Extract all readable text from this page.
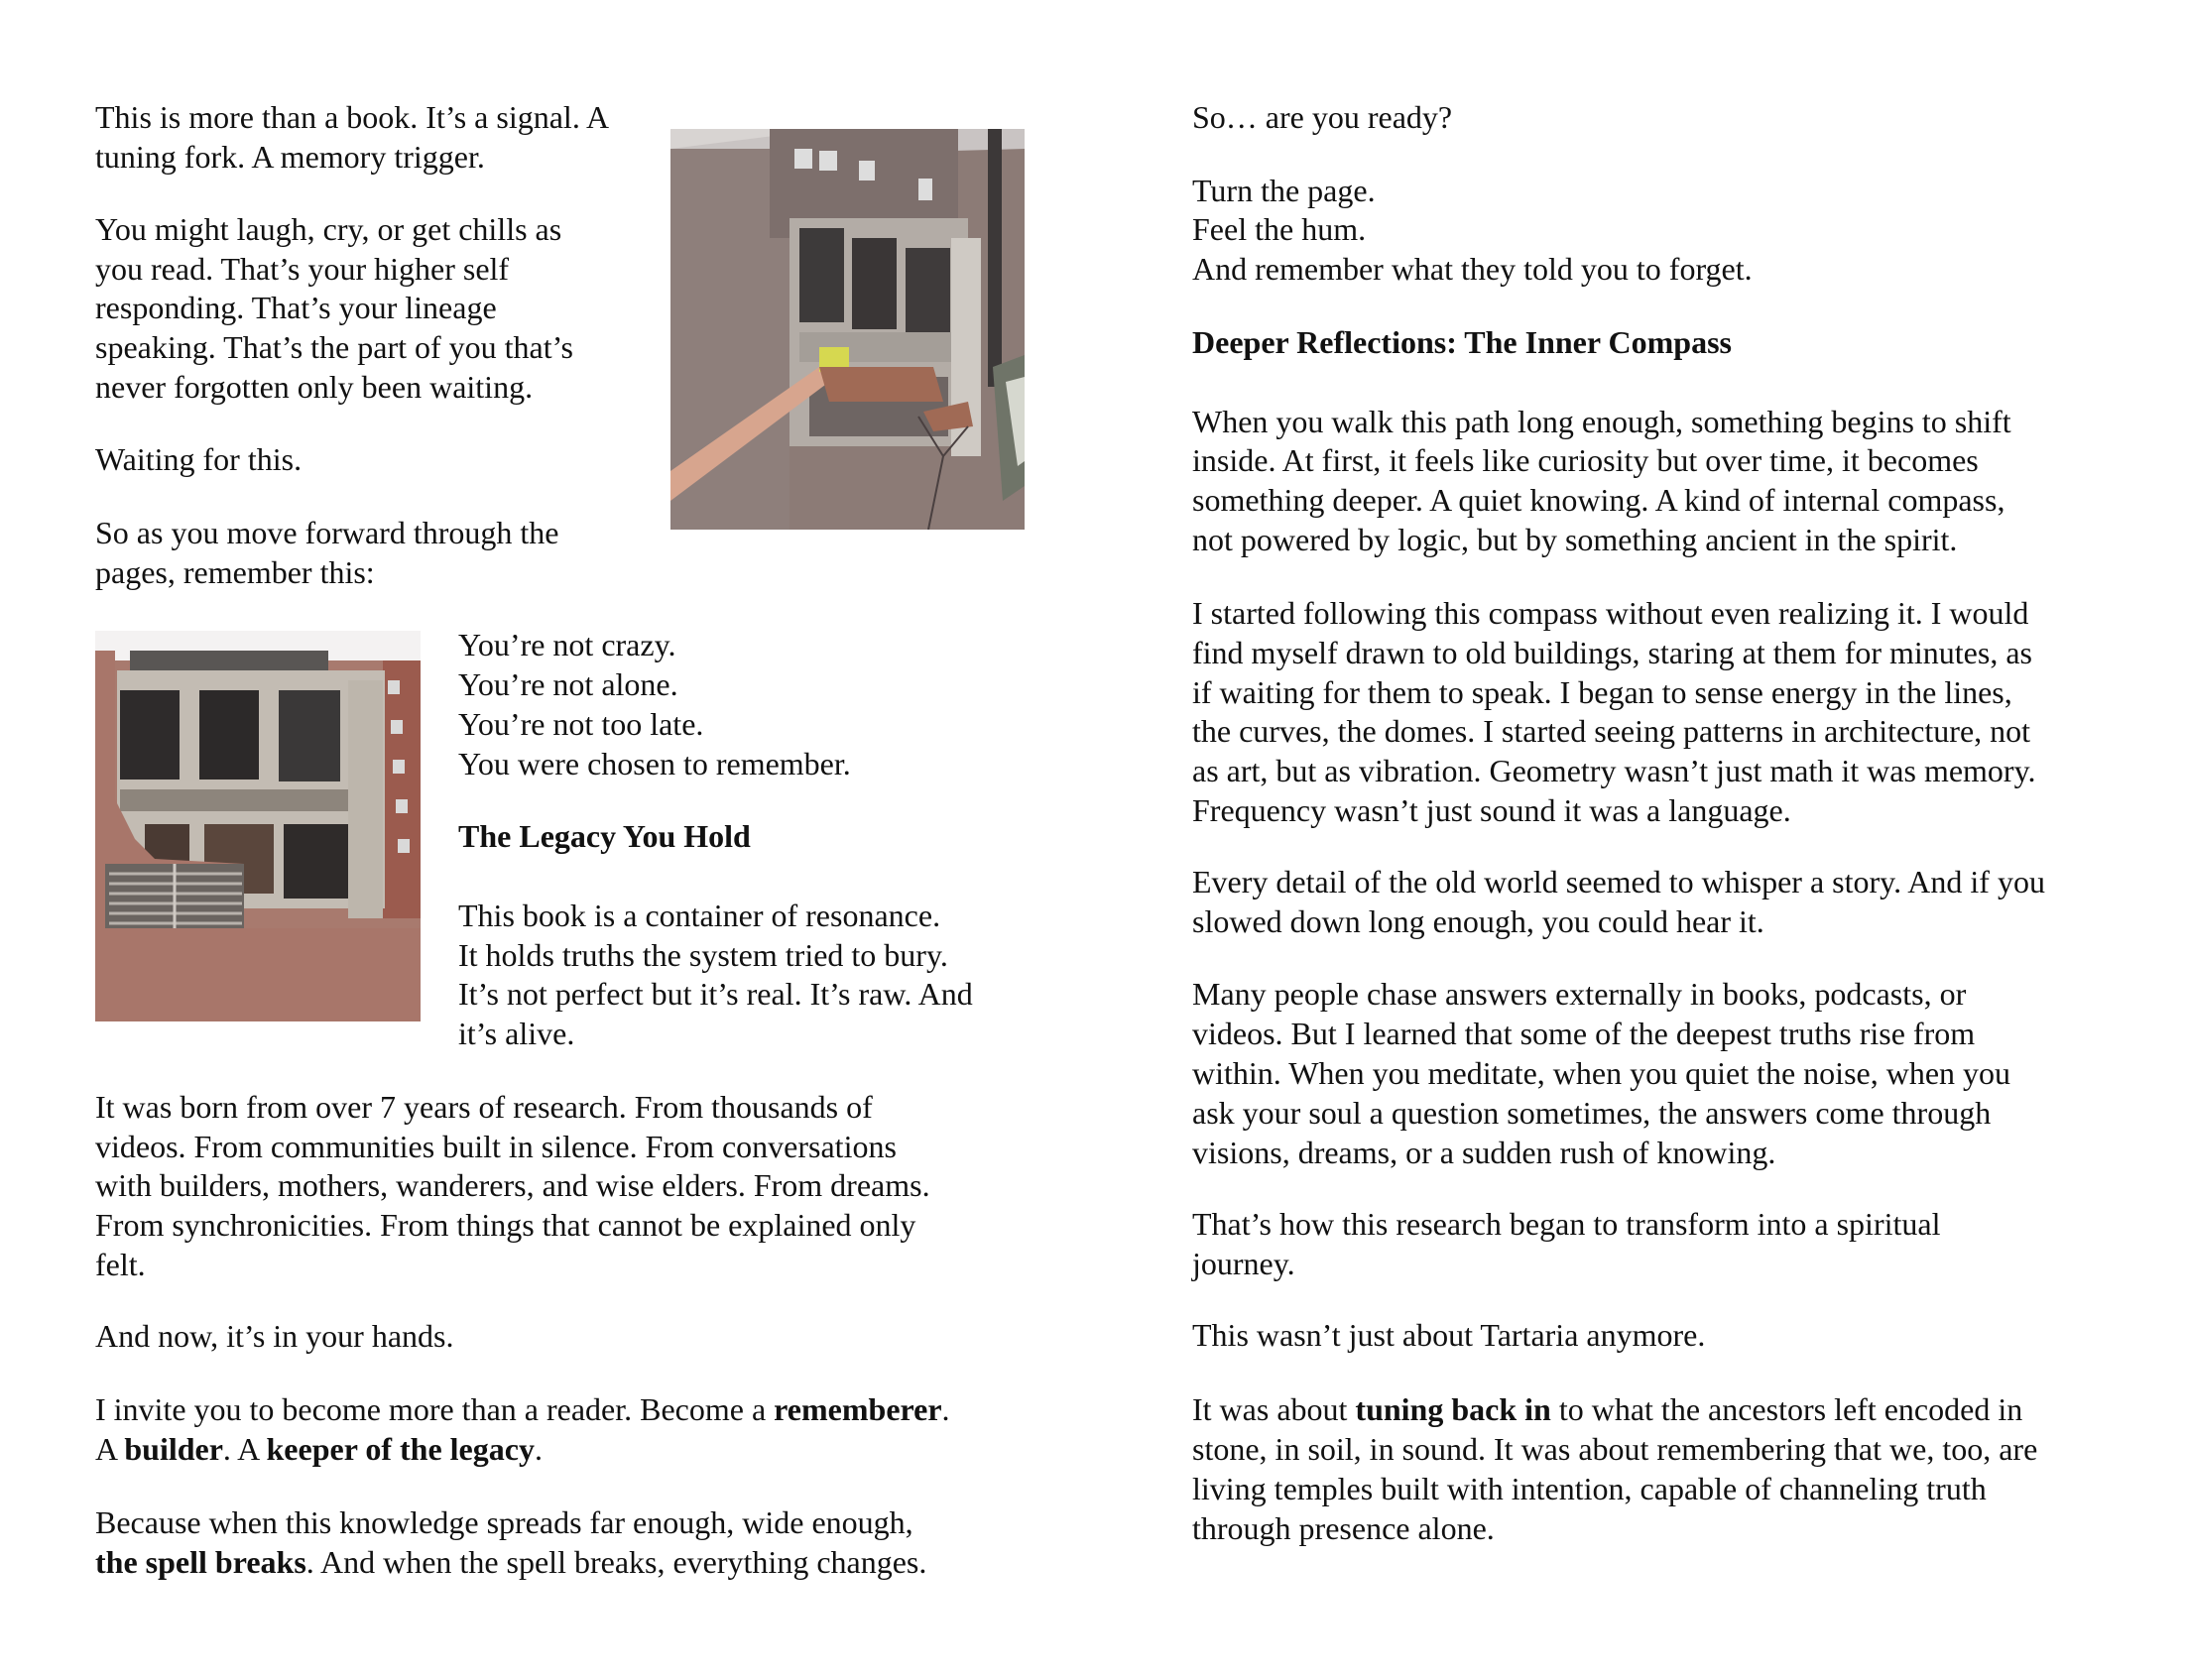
This is more than a book. It’s a signal. A
tuning fork. A memory trigger.
You might laugh, cry, or get chills as
you read. That’s your higher self
responding. That’s your lineage
speaking. That’s the part of you that’s
never forgotten only been waiting.
Waiting for this.
So as you move forward through the
pages, remember this:
You’re not crazy.
You’re not alone.
You’re not too late.
You were chosen to remember.
The Legacy You Hold
This book is a container of resonance.
It holds truths the system tried to bury.
It’s not perfect but it’s real. It’s raw. And
it’s alive.
It was born from over 7 years of research. From thousands of
videos. From communities built in silence. From conversations
with builders, mothers, wanderers, and wise elders. From dreams.
From synchronicities. From things that cannot be explained only
felt.
And now, it’s in your hands.
I invite you to become more than a reader. Become a rememberer.
A builder. A keeper of the legacy.
Because when this knowledge spreads far enough, wide enough,
the spell breaks. And when the spell breaks, everything changes.
So… are you ready?
Turn the page.
Feel the hum.
And remember what they told you to forget.
Deeper Reflections: The Inner Compass
When you walk this path long enough, something begins to shift
inside. At first, it feels like curiosity but over time, it becomes
something deeper. A quiet knowing. A kind of internal compass,
not powered by logic, but by something ancient in the spirit.
I started following this compass without even realizing it. I would
find myself drawn to old buildings, staring at them for minutes, as
if waiting for them to speak. I began to sense energy in the lines,
the curves, the domes. I started seeing patterns in architecture, not
as art, but as vibration. Geometry wasn’t just math it was memory.
Frequency wasn’t just sound it was a language.
Every detail of the old world seemed to whisper a story. And if you
slowed down long enough, you could hear it.
Many people chase answers externally in books, podcasts, or
videos. But I learned that some of the deepest truths rise from
within. When you meditate, when you quiet the noise, when you
ask your soul a question sometimes, the answers come through
visions, dreams, or a sudden rush of knowing.
That’s how this research began to transform into a spiritual
journey.
This wasn’t just about Tartaria anymore.
It was about tuning back in to what the ancestors left encoded in
stone, in soil, in sound. It was about remembering that we, too, are
living temples built with intention, capable of channeling truth
through presence alone.
